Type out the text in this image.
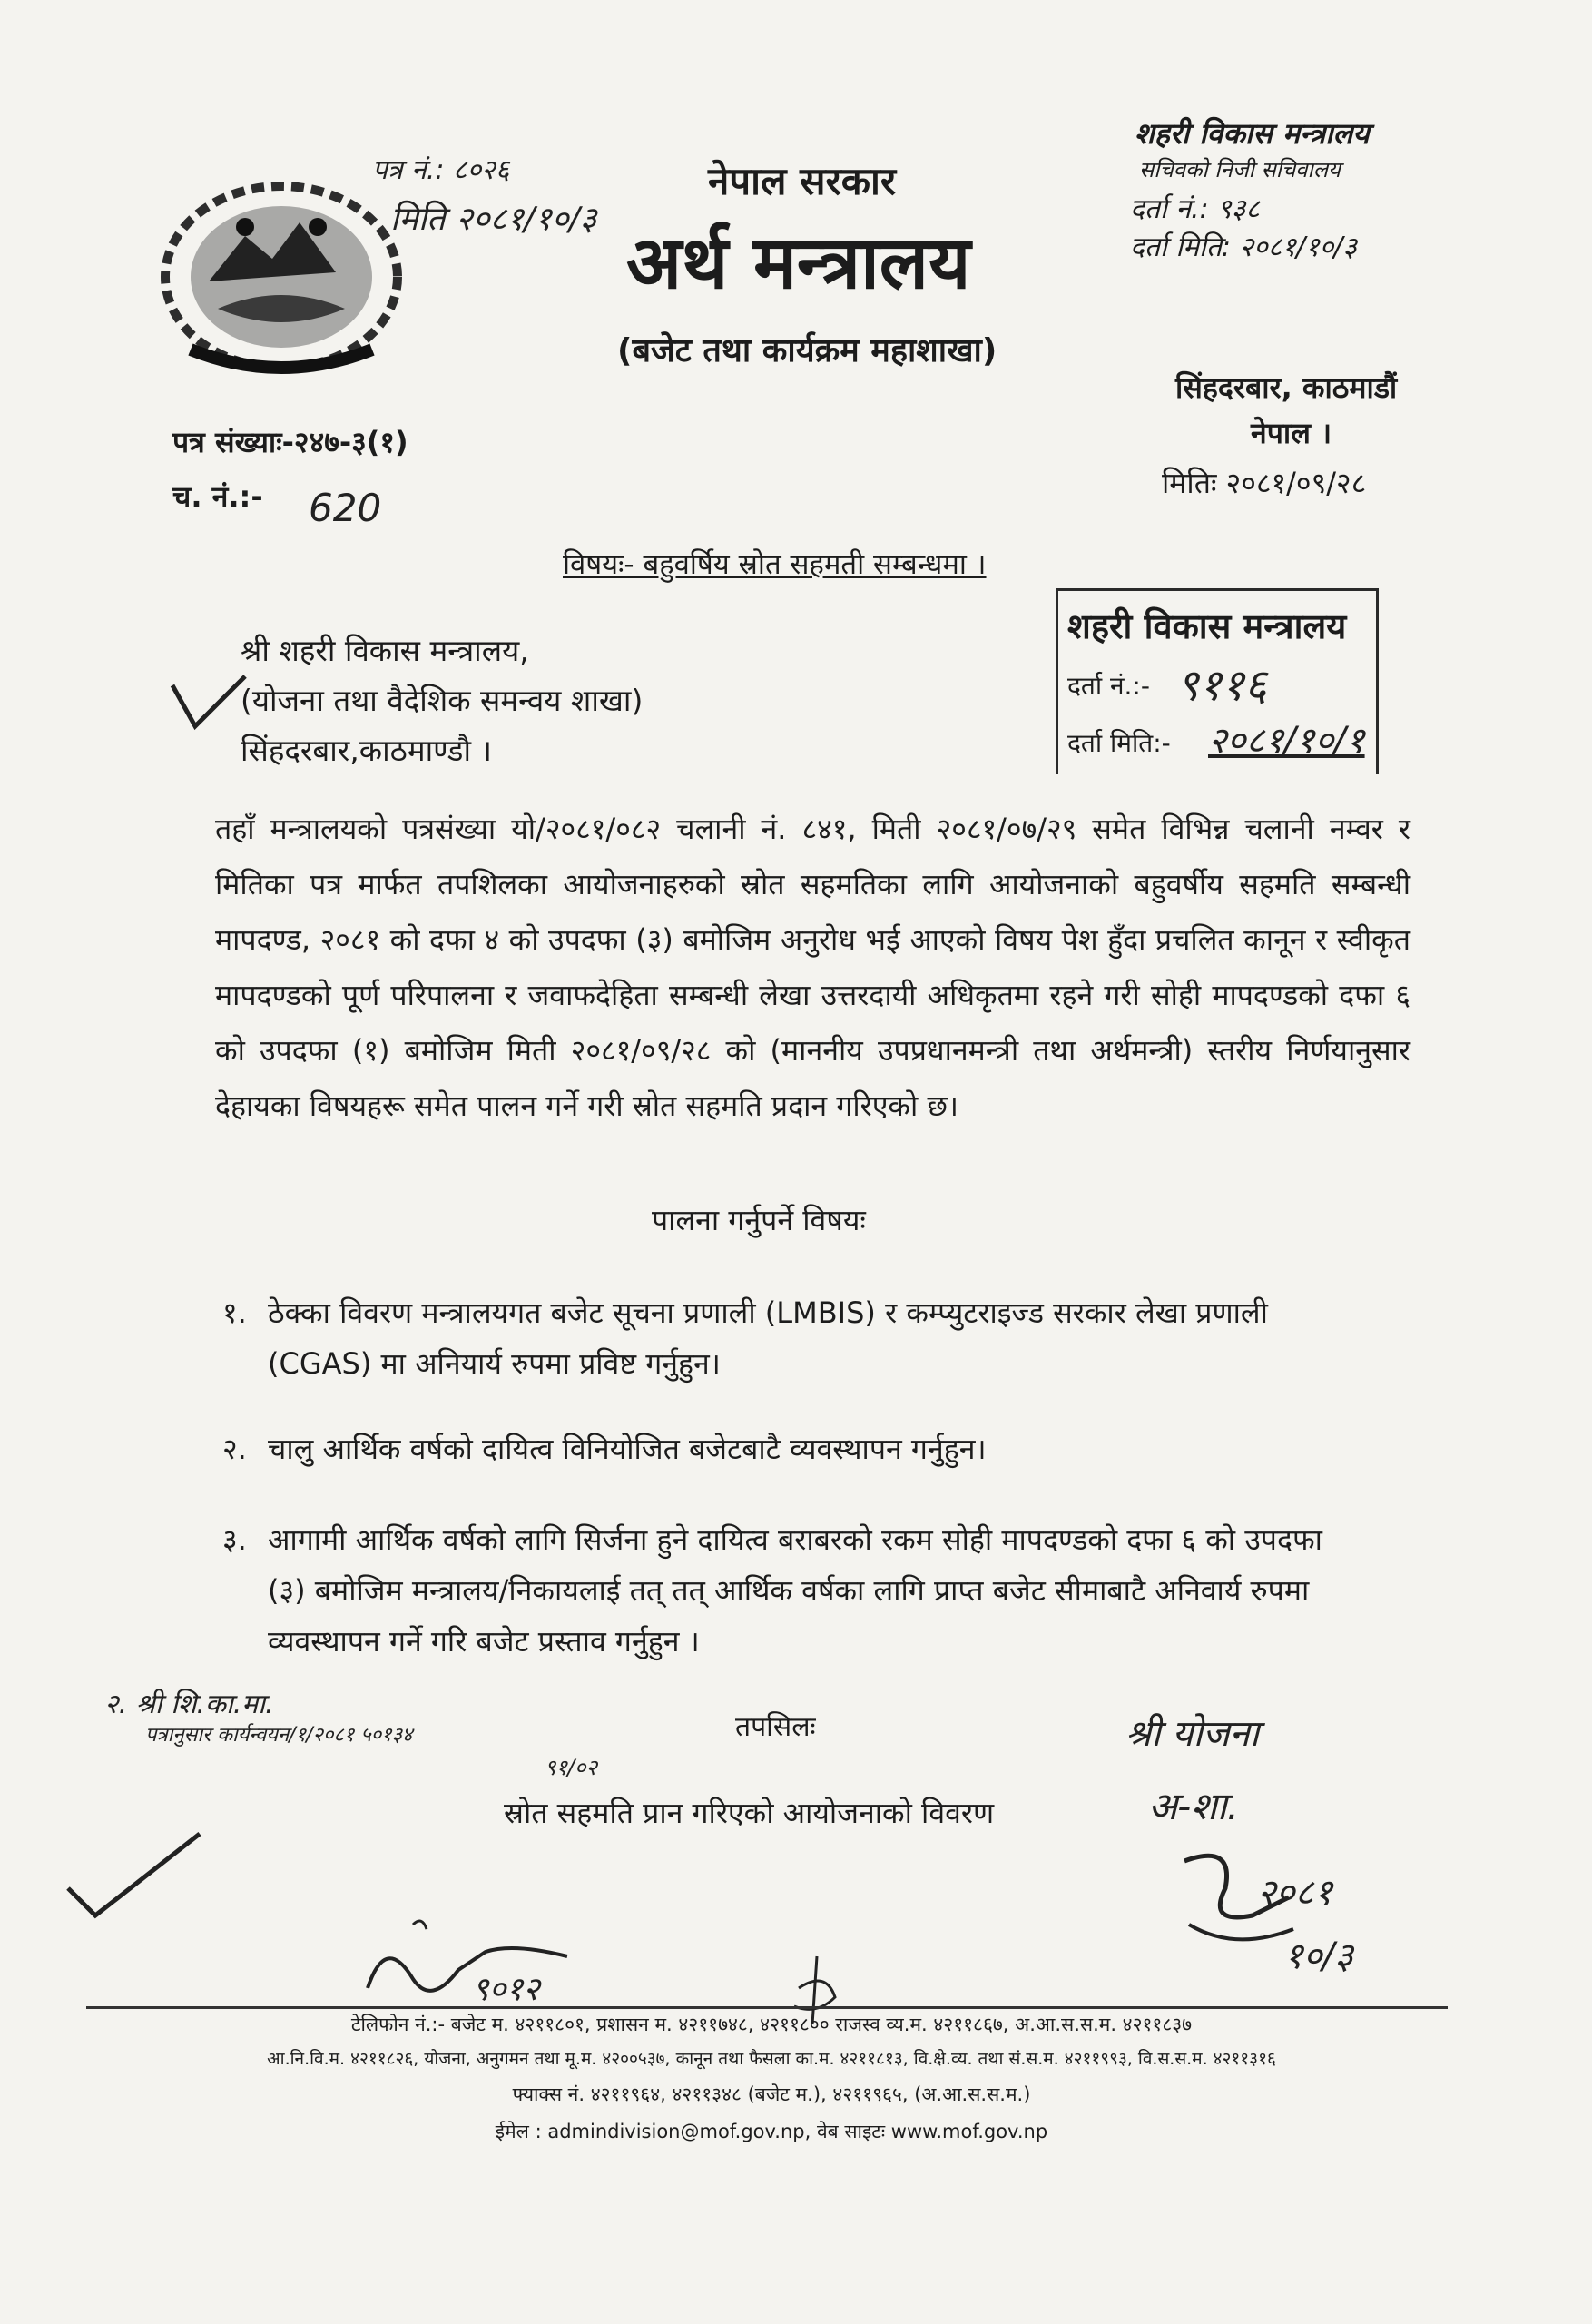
पत्र नं.: ८०२६
मिति २०८१/१०/३
नेपाल सरकार
अर्थ मन्त्रालय
(बजेट तथा कार्यक्रम महाशाखा)
शहरी विकास मन्त्रालय
सचिवको निजी सचिवालय
दर्ता नं.: ९३८
दर्ता मिति: २०८१/१०/३
सिंहदरबार, काठमाडौं
नेपाल ।
मितिः २०८१/०९/२८
पत्र संख्याः-२४७-३(१)
च. नं.:- 620
विषयः- बहुवर्षिय स्रोत सहमती सम्बन्धमा ।
शहरी विकास मन्त्रालय
दर्ता नं.:- ९११६
दर्ता मिति:- २०८१/१०/१
श्री शहरी विकास मन्त्रालय,
(योजना तथा वैदेशिक समन्वय शाखा)
सिंहदरबार,काठमाण्डौ ।
तहाँ मन्त्रालयको पत्रसंख्या यो/२०८१/०८२ चलानी नं. ८४१, मिती २०८१/०७/२९ समेत विभिन्न चलानी नम्वर र मितिका पत्र मार्फत तपशिलका आयोजनाहरुको स्रोत सहमतिका लागि आयोजनाको बहुवर्षीय सहमति सम्बन्धी मापदण्ड, २०८१ को दफा ४ को उपदफा (३) बमोजिम अनुरोध भई आएको विषय पेश हुँदा प्रचलित कानून र स्वीकृत मापदण्डको पूर्ण परिपालना र जवाफदेहिता सम्बन्धी लेखा उत्तरदायी अधिकृतमा रहने गरी सोही मापदण्डको दफा ६ को उपदफा (१) बमोजिम मिती २०८१/०९/२८ को (माननीय उपप्रधानमन्त्री तथा अर्थमन्त्री) स्तरीय निर्णयानुसार देहायका विषयहरू समेत पालन गर्ने गरी स्रोत सहमति प्रदान गरिएको छ।
पालना गर्नुपर्ने विषयः
१. ठेक्का विवरण मन्त्रालयगत बजेट सूचना प्रणाली (LMBIS) र कम्प्युटराइज्ड सरकार लेखा प्रणाली (CGAS) मा अनियार्य रुपमा प्रविष्ट गर्नुहुन।
२. चालु आर्थिक वर्षको दायित्व विनियोजित बजेटबाटै व्यवस्थापन गर्नुहुन।
३. आगामी आर्थिक वर्षको लागि सिर्जना हुने दायित्व बराबरको रकम सोही मापदण्डको दफा ६ को उपदफा (३) बमोजिम मन्त्रालय/निकायलाई तत् तत् आर्थिक वर्षका लागि प्राप्त बजेट सीमाबाटै अनिवार्य रुपमा व्यवस्थापन गर्ने गरि बजेट प्रस्ताव गर्नुहुन ।
तपसिलः
स्रोत सहमति प्रान गरिएको आयोजनाको विवरण
२. श्री शि.का.मा.
पत्रानुसार कार्यन्वयन/१/२०८१ ५०१३४
९१/०२
९०१२
श्री योजना
अ-शा.
२०८१
१०/३
टेलिफोन नं.:- बजेट म. ४२११८०१, प्रशासन म. ४२११७४८, ४२११८०० राजस्व व्य.म. ४२११८६७, अ.आ.स.स.म. ४२११८३७
आ.नि.वि.म. ४२११८२६, योजना, अनुगमन तथा मू.म. ४२००५३७, कानून तथा फैसला का.म. ४२११८१३, वि.क्षे.व्य. तथा सं.स.म. ४२११९९३, वि.स.स.म. ४२११३१६
फ्याक्स नं. ४२११९६४, ४२११३४८ (बजेट म.), ४२११९६५, (अ.आ.स.स.म.)
ईमेल : admindivision@mof.gov.np, वेब साइटः www.mof.gov.np
